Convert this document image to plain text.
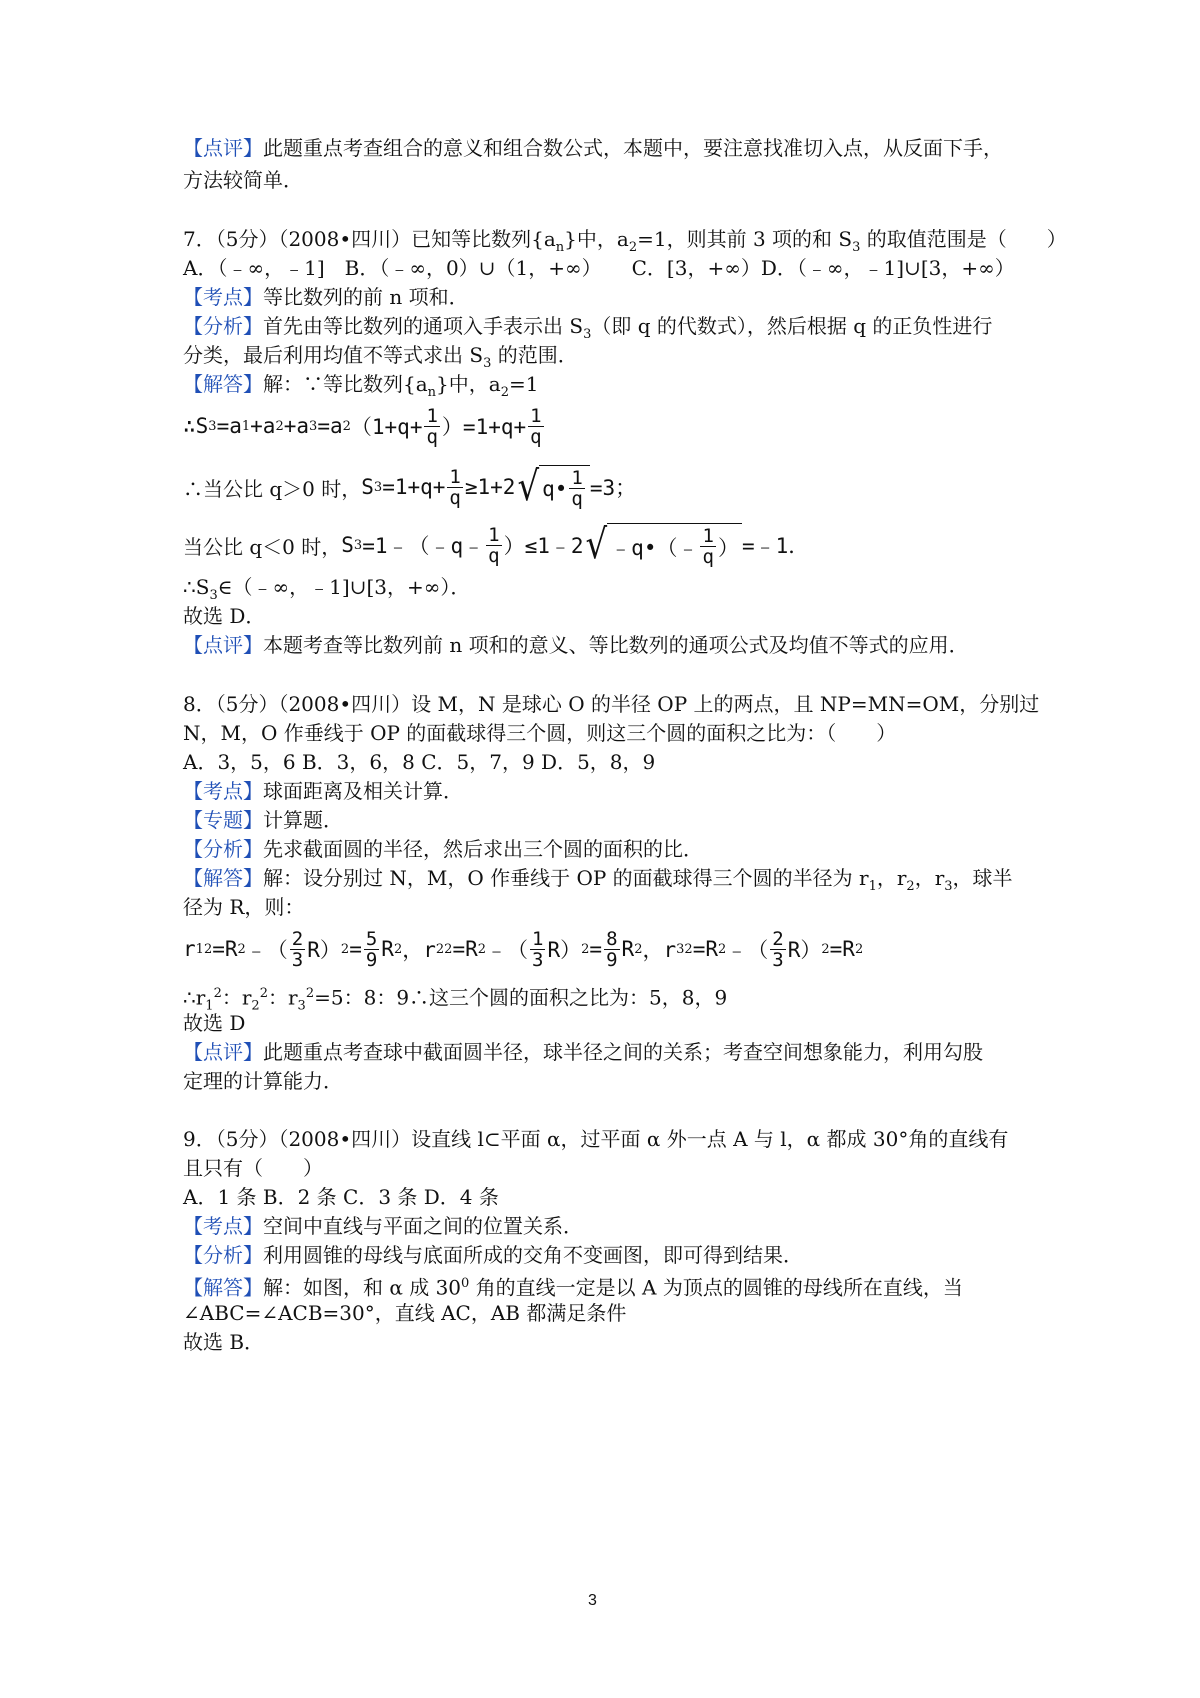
【点评】此题重点考查组合的意义和组合数公式，本题中，要注意找准切入点，从反面下手，
方法较简单．
7．（5分）（2008•四川）已知等比数列$\{a_n\}$中，$a_2=1$，则其前 3 项的和 $S_3$ 的取值范围是（　　）
A．（﹣∞，﹣1]　B．（﹣∞，0）∪（1，+∞）　　C．[3，+∞）D．（﹣∞，﹣1]∪[3，+∞）
【考点】等比数列的前 n 项和．
【分析】首先由等比数列的通项入手表示出 $S_3$（即 q 的代数式），然后根据 q 的正负性进行
分类，最后利用均值不等式求出 $S_3$ 的范围．
【解答】解：∵等比数列$\{a_n\}$中，$a_2=1$
∴S 3 =a 1 +a 2 +a 3 =a 2 $(1+q+ \frac{1}{q} )=1+q+ \frac{1}{q}$
∴当公比 q＞0 时， S $3 =1+q+ \frac{1}{q} \ge 1+2$ √ q• $\frac{1}{q} =3$；
当公比 q＜0 时， S 3 =1﹣（﹣q﹣ $\frac{1}{q}$ ）≤1﹣2 √ ﹣q•（﹣ $\frac{1}{q}$ ） =﹣1．
$\therefore S_3\in(﹣\infty$，﹣1]∪[3，+∞）．
故选 D．
【点评】本题考查等比数列前 n 项和的意义、等比数列的通项公式及均值不等式的应用．
8．（5分）（2008•四川）设 M，N 是球心 O 的半径 OP 上的两点，且 NP=MN=OM，分别过
N，M，O 作垂线于 OP 的面截球得三个圆，则这三个圆的面积之比为：（　　）
A．3，5，6 B．3，6，8 C．5，7，9 D．5，8，9
【考点】球面距离及相关计算．
【专题】计算题．
【分析】先求截面圆的半径，然后求出三个圆的面积的比．
【解答】解：设分别过 N，M，O 作垂线于 OP 的面截球得三个圆的半径为 $r_1$，$r_2$，$r_3$，球半
径为 R，则：
r 1 2 =R 2 ﹣（ $\frac{2}{3} R$） $2 = \frac{5}{9}$ R 2 ，r 2 2 =R 2 ﹣（ $\frac{1}{3} R$） $2 = \frac{8}{9}$ R 2 ，r 3 2 =R 2 ﹣（ $\frac{2}{3} R$） 2 =R 2
$\therefore r_1^2$：$r_2^2$：$r_3^2=5$：8：9∴这三个圆的面积之比为：5，8，9
故选 D
【点评】此题重点考查球中截面圆半径，球半径之间的关系；考查空间想象能力，利用勾股
定理的计算能力．
9．（5分）（2008•四川）设直线 l⊂平面 α，过平面 α 外一点 A 与 l，α 都成 30°角的直线有
且只有（　　）
A．1 条 B．2 条 C．3 条 D．4 条
【考点】空间中直线与平面之间的位置关系．
【分析】利用圆锥的母线与底面所成的交角不变画图，即可得到结果．
【解答】解：如图，和 α 成 $30^0$ 角的直线一定是以 A 为顶点的圆锥的母线所在直线，当
∠ABC=∠ACB=30°，直线 AC，AB 都满足条件
故选 B．
3
